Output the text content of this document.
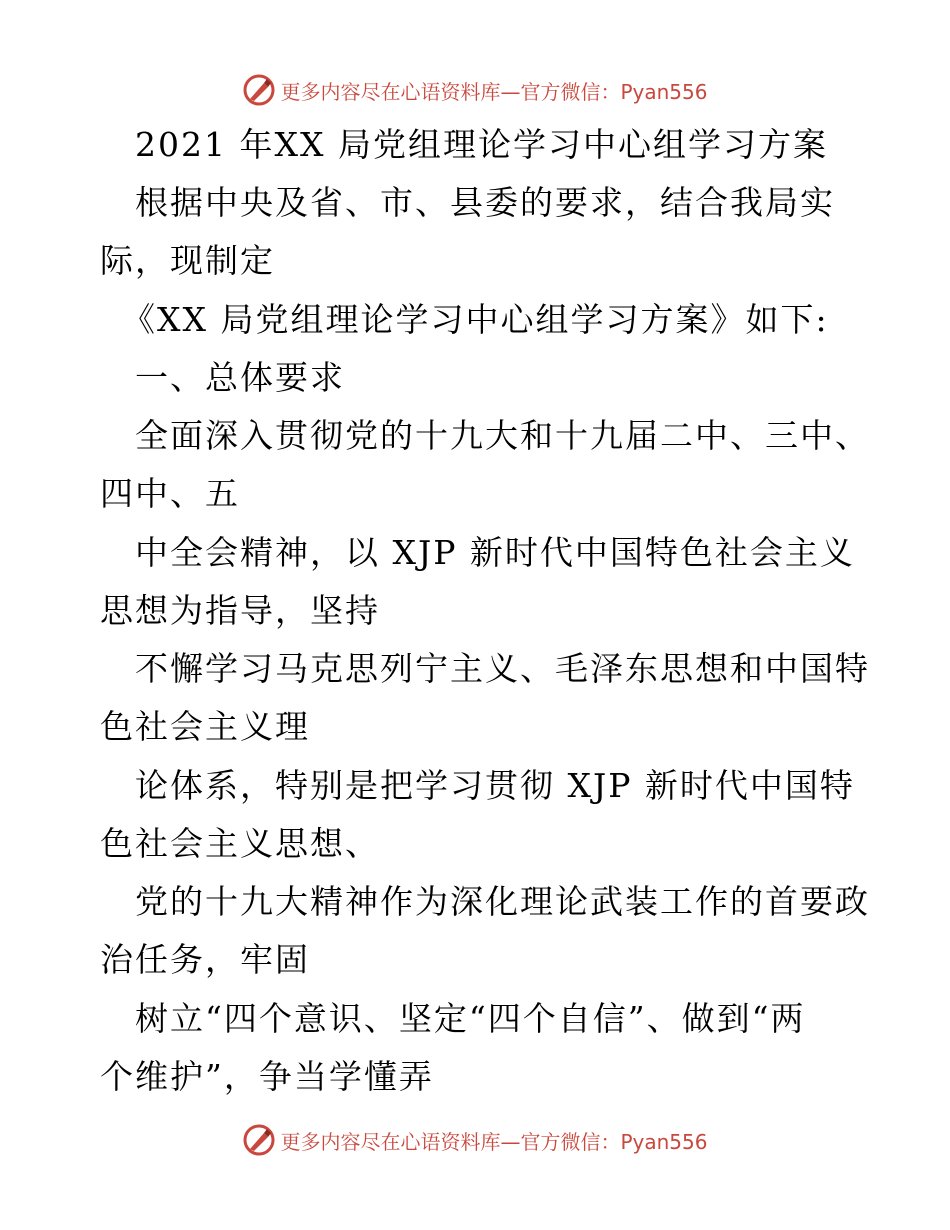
更多内容尽在心语资料库—官方微信：Pyan556
2021 年XX 局党组理论学习中心组学习方案
根据中央及省、市、县委的要求，结合我局实
际，现制定
《XX 局党组理论学习中心组学习方案》如下:
一、总体要求
全面深入贯彻党的十九大和十九届二中、三中、
四中、五
中全会精神，以 XJP 新时代中国特色社会主义
思想为指导，坚持
不懈学习马克思列宁主义、毛泽东思想和中国特
色社会主义理
论体系，特别是把学习贯彻 XJP 新时代中国特
色社会主义思想、
党的十九大精神作为深化理论武装工作的首要政
治任务，牢固
树立“四个意识、坚定“四个自信”、做到“两
个维护”，争当学懂弄
更多内容尽在心语资料库—官方微信：Pyan556
